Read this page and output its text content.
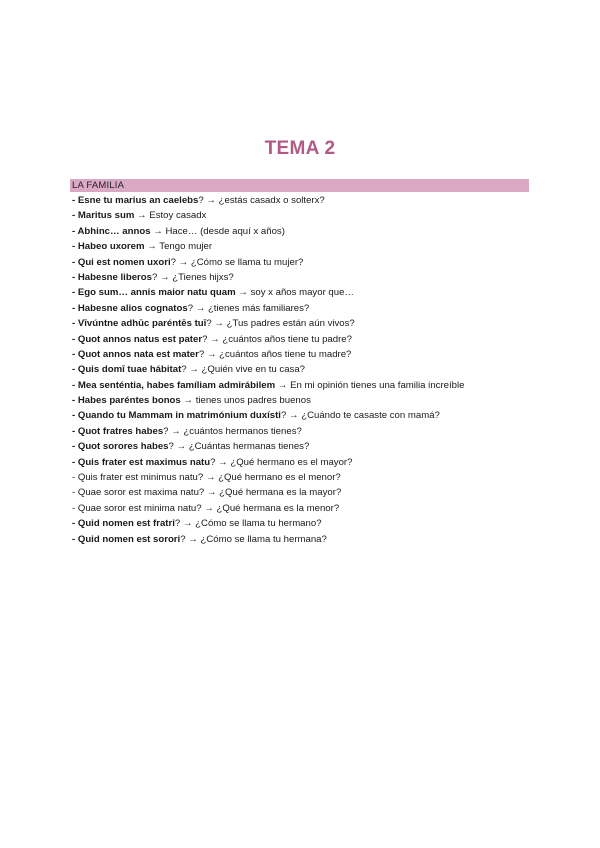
TEMA 2
LA FAMILIA
- Esne tu marius an caelebs? → ¿estás casadx o solterx?
- Maritus sum → Estoy casadx
- Abhinc… annos → Hace… (desde aquí x años)
- Habeo uxorem → Tengo mujer
- Qui est nomen uxori? → ¿Cómo se llama tu mujer?
- Habesne liberos? → ¿Tienes hijxs?
- Ego sum… annis maior natu quam → soy x años mayor que…
- Habesne alios cognatos? → ¿tienes más familiares?
- Vīvúntne adhūc paréntēs tuī? → ¿Tus padres están aún vivos?
- Quot annos natus est pater? → ¿cuántos años tiene tu padre?
- Quot annos nata est mater? → ¿cuántos años tiene tu madre?
- Quis domī tuae hábitat? → ¿Quién vive en tu casa?
- Mea senténtia, habes famíliam admirábilem → En mi opinión tienes una familia increíble
- Habes paréntes bonos → tienes unos padres buenos
- Quando tu Mammam in matrimónium duxísti? → ¿Cuándo te casaste con mamá?
- Quot fratres habes? → ¿cuántos hermanos tienes?
- Quot sorores habes? → ¿Cuántas hermanas tienes?
- Quis frater est maximus natu? → ¿Qué hermano es el mayor?
- Quis frater est minimus natu? → ¿Qué hermano es el menor?
- Quae soror est maxima natu? → ¿Qué hermana es la mayor?
- Quae soror est minima natu? → ¿Qué hermana es la menor?
- Quid nomen est fratri? → ¿Cómo se llama tu hermano?
- Quid nomen est sorori? → ¿Cómo se llama tu hermana?
